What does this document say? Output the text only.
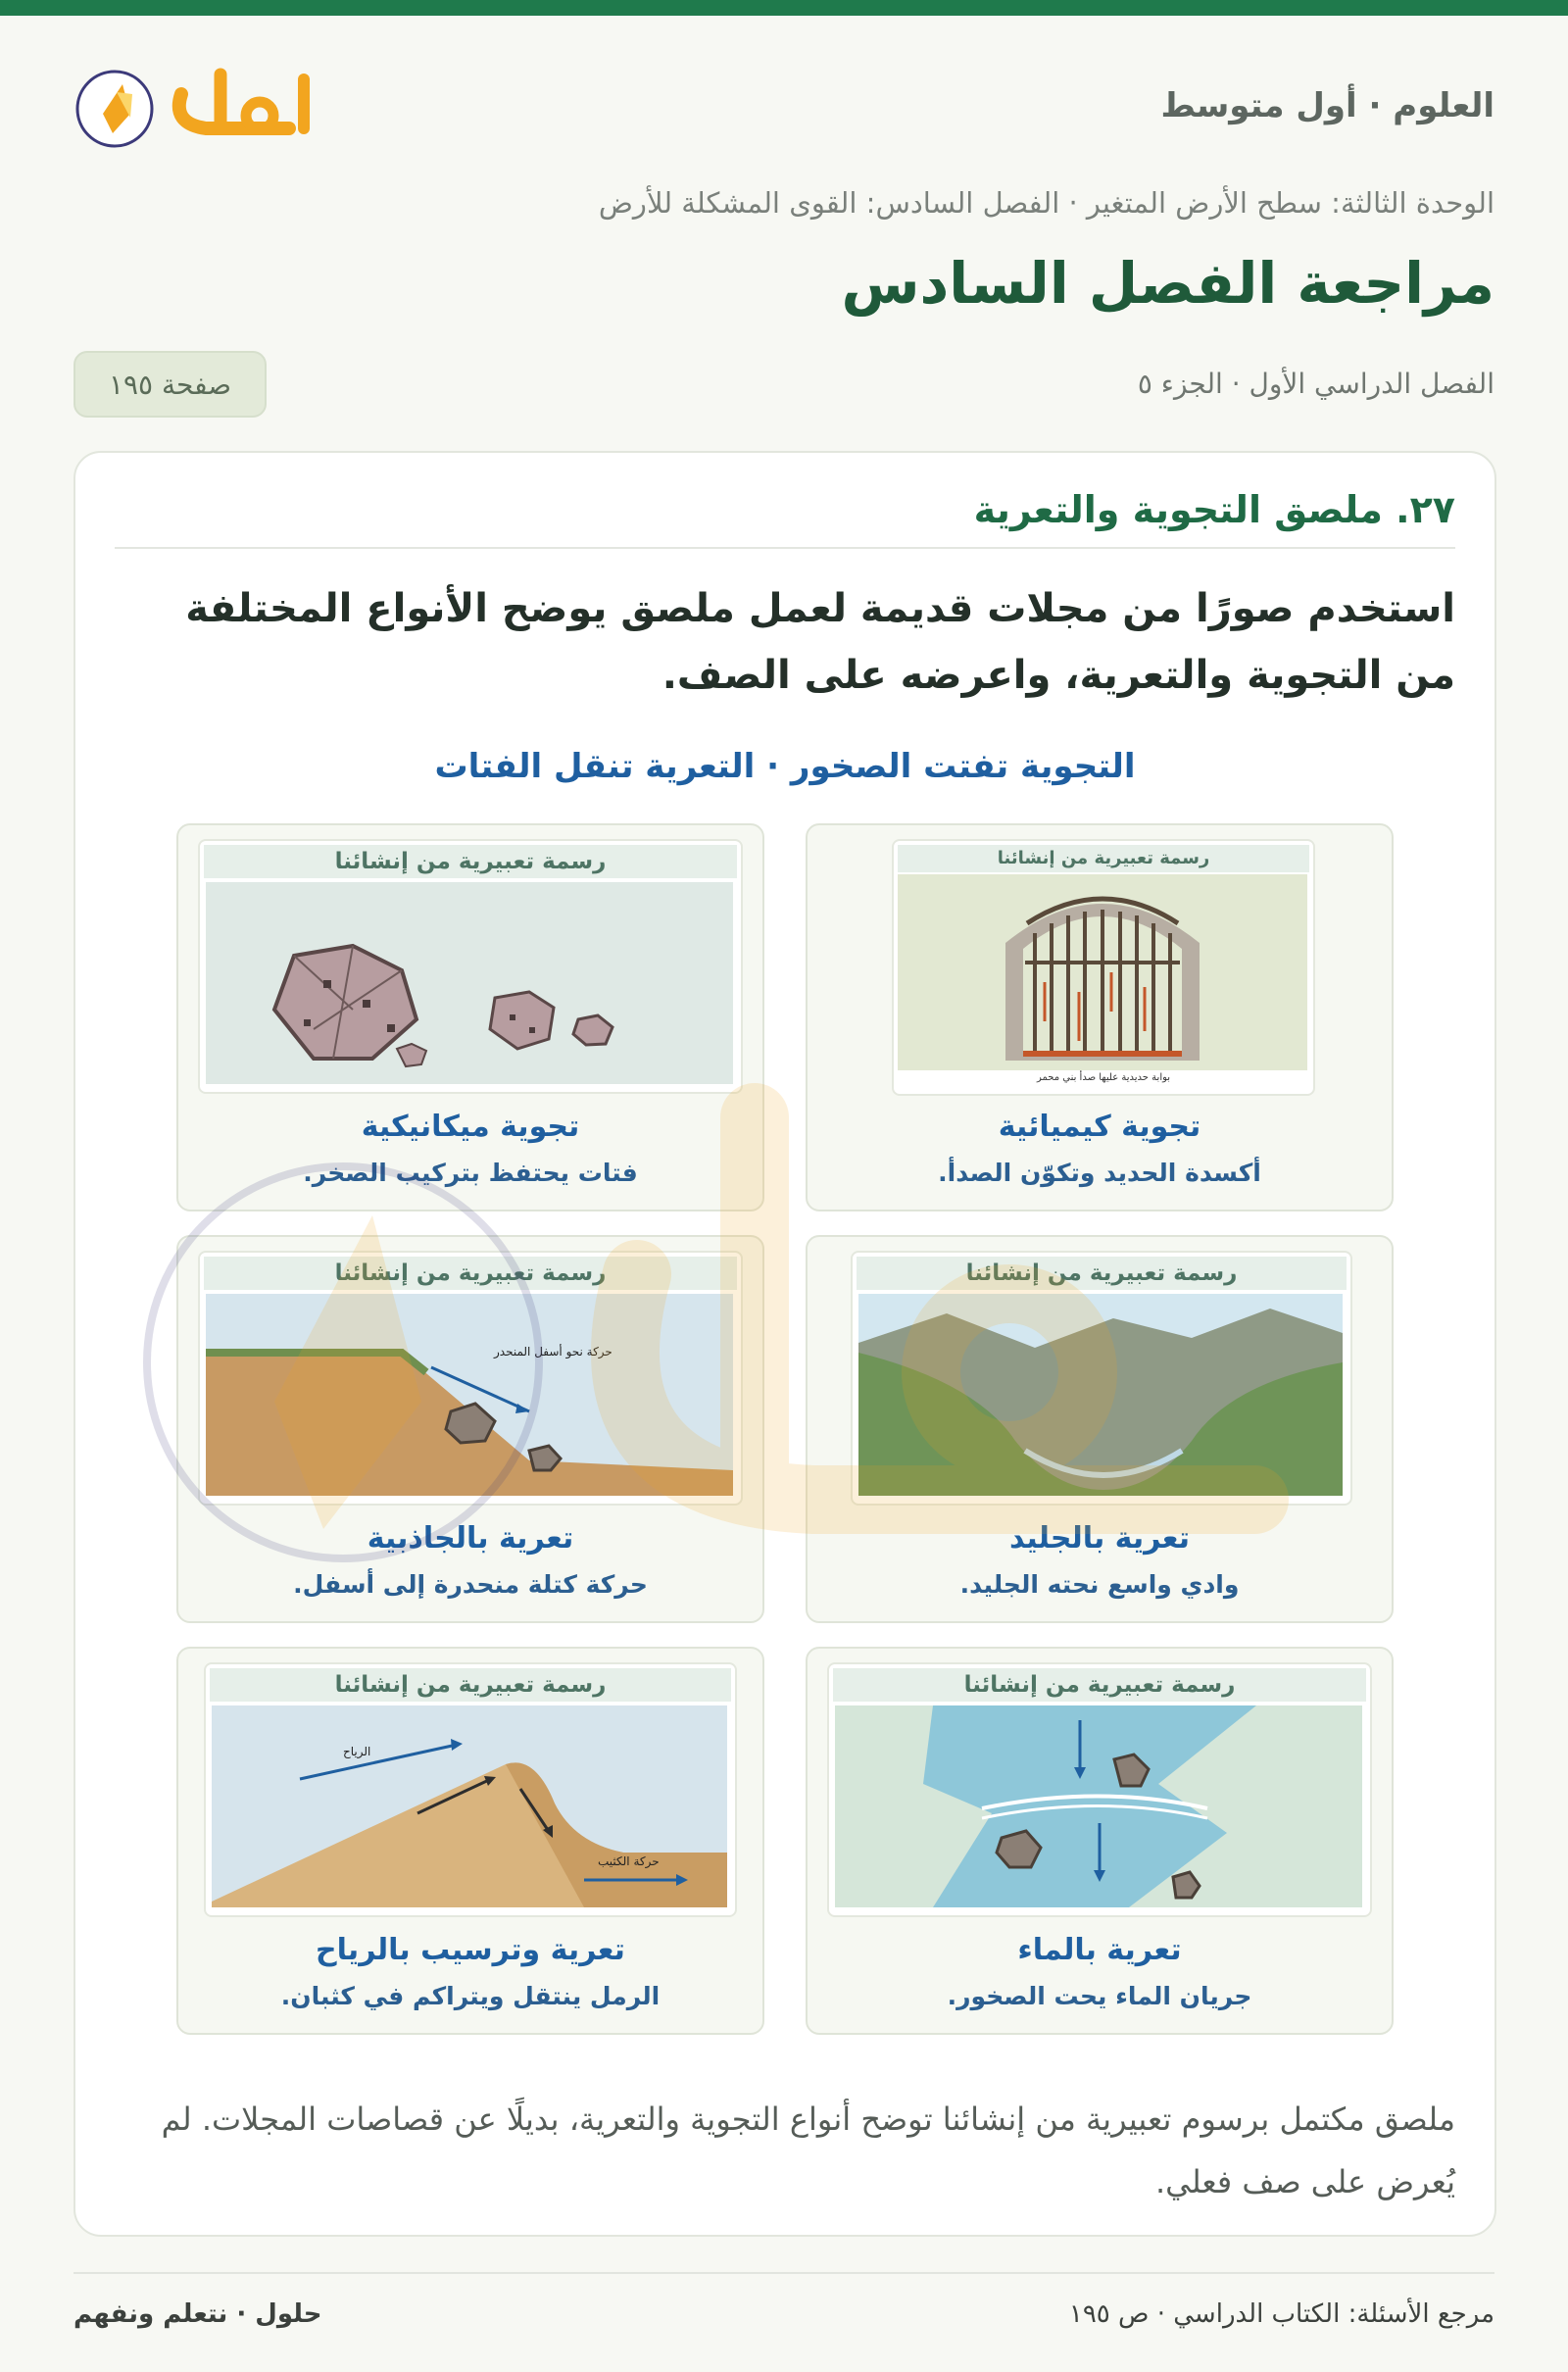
العلوم · أول متوسط
الوحدة الثالثة: سطح الأرض المتغير · الفصل السادس: القوى المشكلة للأرض
مراجعة الفصل السادس
الفصل الدراسي الأول · الجزء ٥
صفحة ١٩٥
٢٧. ملصق التجوية والتعرية
استخدم صورًا من مجلات قديمة لعمل ملصق يوضح الأنواع المختلفة من التجوية والتعرية، واعرضه على الصف.
التجوية تفتت الصخور · التعرية تنقل الفتات
رسمة تعبيرية من إنشائنا
بوابة حديدية عليها صدأ بني محمر
تجوية كيميائية
أكسدة الحديد وتكوّن الصدأ.
رسمة تعبيرية من إنشائنا
تجوية ميكانيكية
فتات يحتفظ بتركيب الصخر.
رسمة تعبيرية من إنشائنا
تعرية بالجليد
وادي واسع نحته الجليد.
رسمة تعبيرية من إنشائنا
حركة نحو أسفل المنحدر
تعرية بالجاذبية
حركة كتلة منحدرة إلى أسفل.
رسمة تعبيرية من إنشائنا
تعرية بالماء
جريان الماء يحت الصخور.
رسمة تعبيرية من إنشائنا
الرياح
حركة الكثيب
تعرية وترسيب بالرياح
الرمل ينتقل ويتراكم في كثبان.
ملصق مكتمل برسوم تعبيرية من إنشائنا توضح أنواع التجوية والتعرية، بديلًا عن قصاصات المجلات. لم يُعرض على صف فعلي.
حلول · نتعلم ونفهم	مرجع الأسئلة: الكتاب الدراسي · ص ١٩٥
